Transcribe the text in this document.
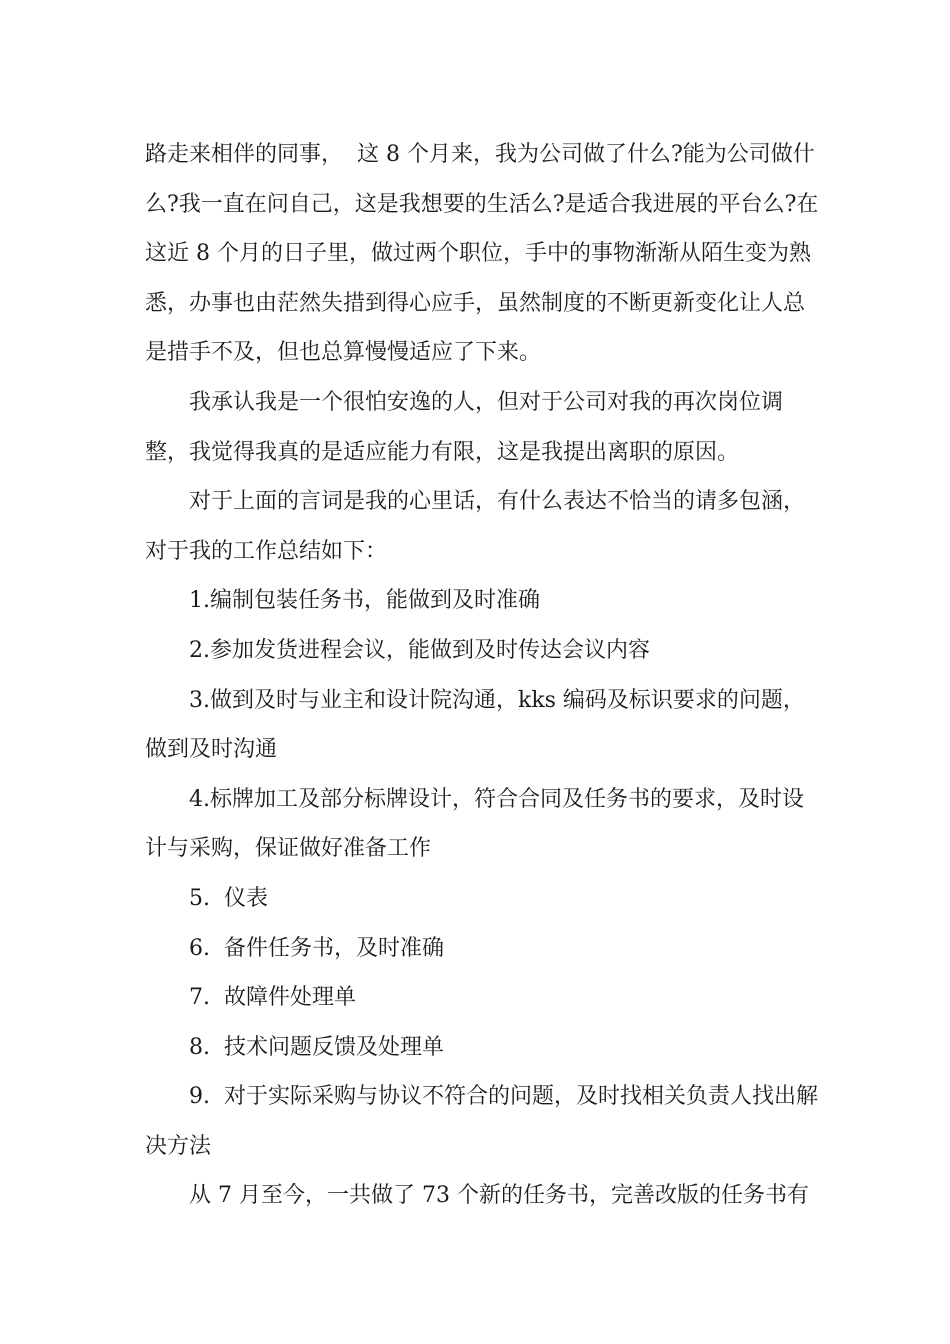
路走来相伴的同事，  这 8 个月来，我为公司做了什么?能为公司做什么?我一直在问自己，这是我想要的生活么?是适合我进展的平台么?在这近 8 个月的日子里，做过两个职位，手中的事物渐渐从陌生变为熟悉，办事也由茫然失措到得心应手，虽然制度的不断更新变化让人总是措手不及，但也总算慢慢适应了下来。

我承认我是一个很怕安逸的人，但对于公司对我的再次岗位调整，我觉得我真的是适应能力有限，这是我提出离职的原因。

对于上面的言词是我的心里话，有什么表达不恰当的请多包涵，对于我的工作总结如下：

1.编制包装任务书，能做到及时准确

2.参加发货进程会议，能做到及时传达会议内容

3.做到及时与业主和设计院沟通，kks 编码及标识要求的问题，做到及时沟通

4.标牌加工及部分标牌设计，符合合同及任务书的要求，及时设计与采购，保证做好准备工作

5.  仪表

6.  备件任务书，及时准确

7.  故障件处理单

8.  技术问题反馈及处理单

9.  对于实际采购与协议不符合的问题，及时找相关负责人找出解决方法

从 7 月至今，一共做了 73 个新的任务书，完善改版的任务书有
